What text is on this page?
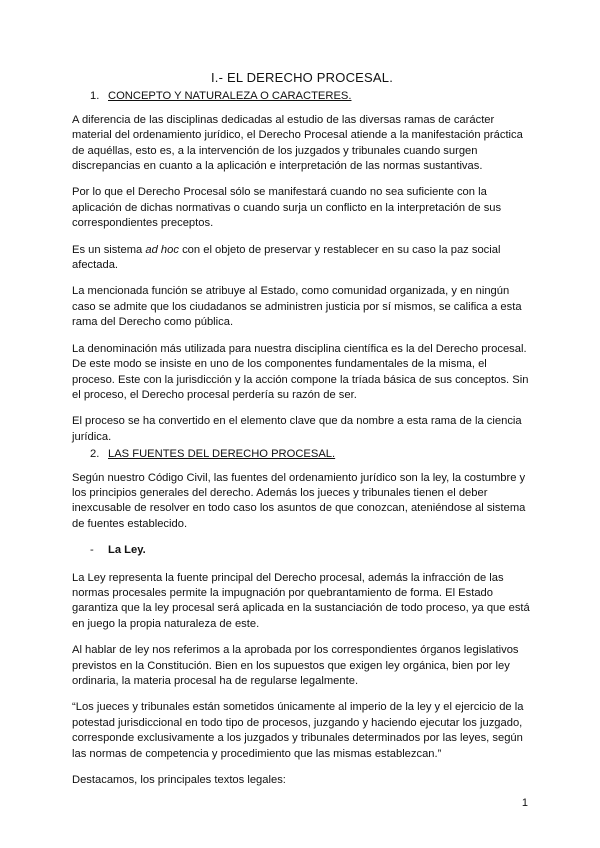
I.- EL DERECHO PROCESAL.
1. CONCEPTO Y NATURALEZA O CARACTERES.

A diferencia de las disciplinas dedicadas al estudio de las diversas ramas de carácter material del ordenamiento jurídico, el Derecho Procesal atiende a la manifestación práctica de aquéllas, esto es, a la intervención de los juzgados y tribunales cuando surgen discrepancias en cuanto a la aplicación e interpretación de las normas sustantivas.

Por lo que el Derecho Procesal sólo se manifestará cuando no sea suficiente con la aplicación de dichas normativas o cuando surja un conflicto en la interpretación de sus correspondientes preceptos.

Es un sistema ad hoc con el objeto de preservar y restablecer en su caso la paz social afectada.

La mencionada función se atribuye al Estado, como comunidad organizada, y en ningún caso se admite que los ciudadanos se administren justicia por sí mismos, se califica a esta rama del Derecho como pública.

La denominación más utilizada para nuestra disciplina científica es la del Derecho procesal. De este modo se insiste en uno de los componentes fundamentales de la misma, el proceso. Este con la jurisdicción y la acción compone la tríada básica de sus conceptos. Sin el proceso, el Derecho procesal perdería su razón de ser.

El proceso se ha convertido en el elemento clave que da nombre a esta rama de la ciencia jurídica.

2. LAS FUENTES DEL DERECHO PROCESAL.

Según nuestro Código Civil, las fuentes del ordenamiento jurídico son la ley, la costumbre y los principios generales del derecho. Además los jueces y tribunales tienen el deber inexcusable de resolver en todo caso los asuntos de que conozcan, ateniéndose al sistema de fuentes establecido.

-	La Ley.

La Ley representa la fuente principal del Derecho procesal, además la infracción de las normas procesales permite la impugnación por quebrantamiento de forma. El Estado garantiza que la ley procesal será aplicada en la sustanciación de todo proceso, ya que está en juego la propia naturaleza de este.

Al hablar de ley nos referimos a la aprobada por los correspondientes órganos legislativos previstos en la Constitución. Bien en los supuestos que exigen ley orgánica, bien por ley ordinaria, la materia procesal ha de regularse legalmente.

“Los jueces y tribunales están sometidos únicamente al imperio de la ley y el ejercicio de la potestad jurisdiccional en todo tipo de procesos, juzgando y haciendo ejecutar los juzgado, corresponde exclusivamente a los juzgados y tribunales determinados por las leyes, según las normas de competencia y procedimiento que las mismas establezcan.”

Destacamos, los principales textos legales:

1
